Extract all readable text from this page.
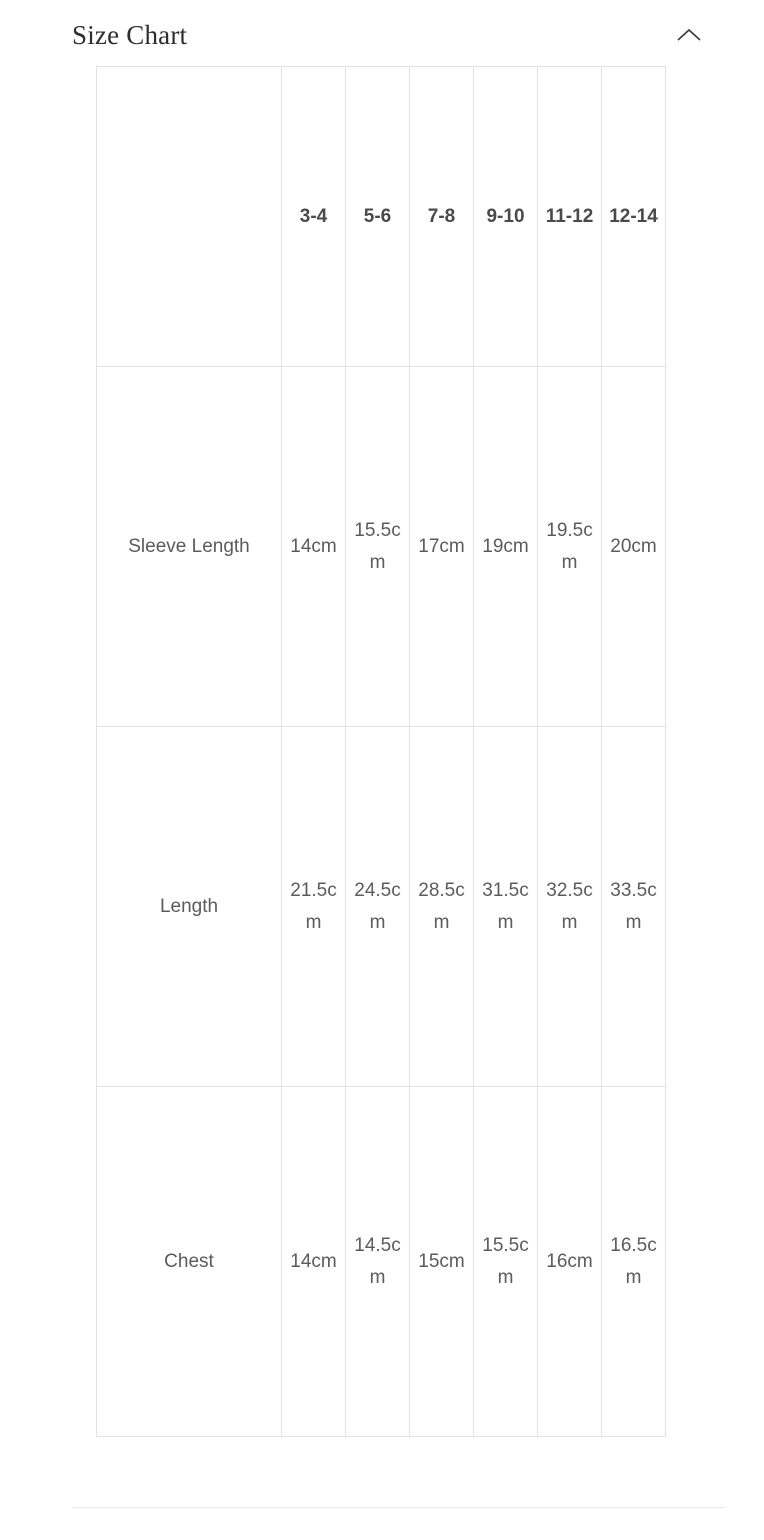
Size Chart
	3-4	5-6	7-8	9-10	11-12	12-14
Sleeve Length	14cm	15.5cm	17cm	19cm	19.5cm	20cm
Length	21.5cm	24.5cm	28.5cm	31.5cm	32.5cm	33.5cm
Chest	14cm	14.5cm	15cm	15.5cm	16cm	16.5cm
